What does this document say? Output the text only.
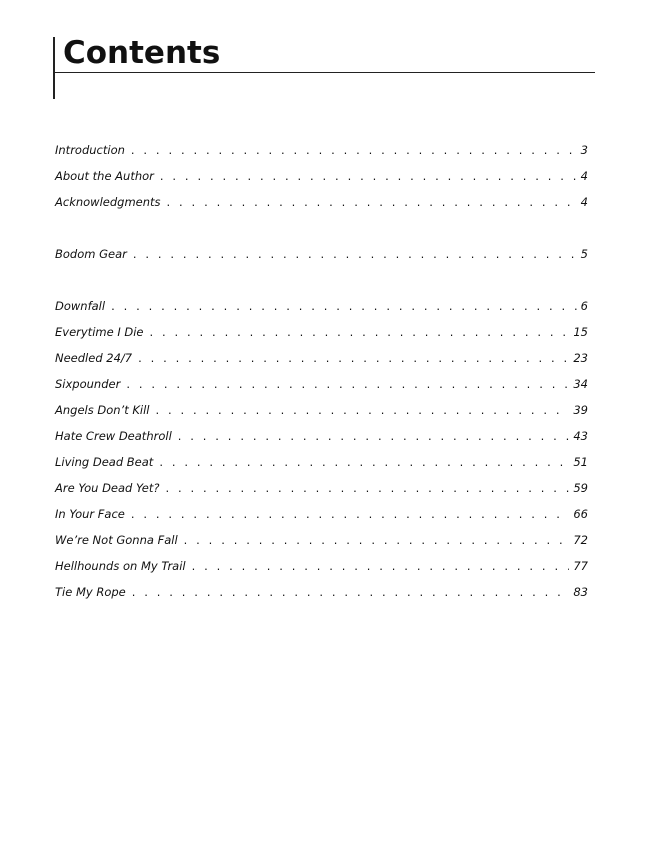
Contents
Introduction . . .	3
About the Author . . .	4
Acknowledgments . . .	4
Bodom Gear . . .	5
Downfall . . .	6
Everytime I Die . . .	15
Needled 24/7 . . .	23
Sixpounder . . .	34
Angels Don’t Kill . . .	39
Hate Crew Deathroll . . .	43
Living Dead Beat . . .	51
Are You Dead Yet? . . .	59
In Your Face . . .	66
We’re Not Gonna Fall . . .	72
Hellhounds on My Trail . . .	77
Tie My Rope . . .	83
